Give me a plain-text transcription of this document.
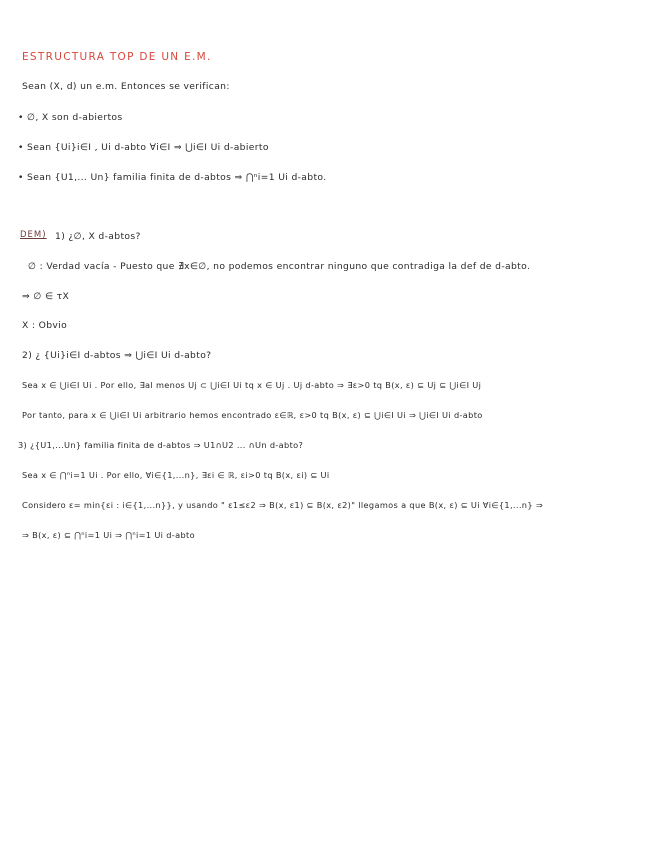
ESTRUCTURA TOP DE UN E.M.
Sean (X, d) un e.m. Entonces se verifican:
• ∅, X son d-abiertos
• Sean {Ui}i∈I , Ui d-abto ∀i∈I ⇒ ⋃i∈I Ui d-abierto
• Sean {U1,... Un} familia finita de d-abtos ⇒ ⋂ⁿi=1 Ui d-abto.
DEM) 1) ¿∅, X d-abtos?
∅ : Verdad vacía - Puesto que ∄x∈∅, no podemos encontrar ninguno que contradiga la def de d-abto.
⇒ ∅ ∈ τX
X : Obvio
2) ¿ {Ui}i∈I d-abtos ⇒ ⋃i∈I Ui d-abto?
Sea x ∈ ⋃i∈I Ui . Por ello, ∃al menos Uj ⊂ ⋃i∈I Ui tq x ∈ Uj . Uj d-abto ⇒ ∃ε>0 tq B(x, ε) ⊆ Uj ⊆ ⋃i∈I Uj
Por tanto, para x ∈ ⋃i∈I Ui arbitrario hemos encontrado ε∈ℝ, ε>0 tq B(x, ε) ⊆ ⋃i∈I Ui ⇒ ⋃i∈I Ui d-abto
3) ¿{U1,...Un} familia finita de d-abtos ⇒ U1∩U2 ... ∩Un d-abto?
Sea x ∈ ⋂ⁿi=1 Ui . Por ello, ∀i∈{1,...n}, ∃εi ∈ ℝ, εi>0 tq B(x, εi) ⊆ Ui
Considero ε= min{εi : i∈{1,...n}}, y usando " ε1≤ε2 ⇒ B(x, ε1) ⊆ B(x, ε2)" llegamos a que B(x, ε) ⊆ Ui ∀i∈{1,...n} ⇒
⇒ B(x, ε) ⊆ ⋂ⁿi=1 Ui ⇒ ⋂ⁿi=1 Ui d-abto
